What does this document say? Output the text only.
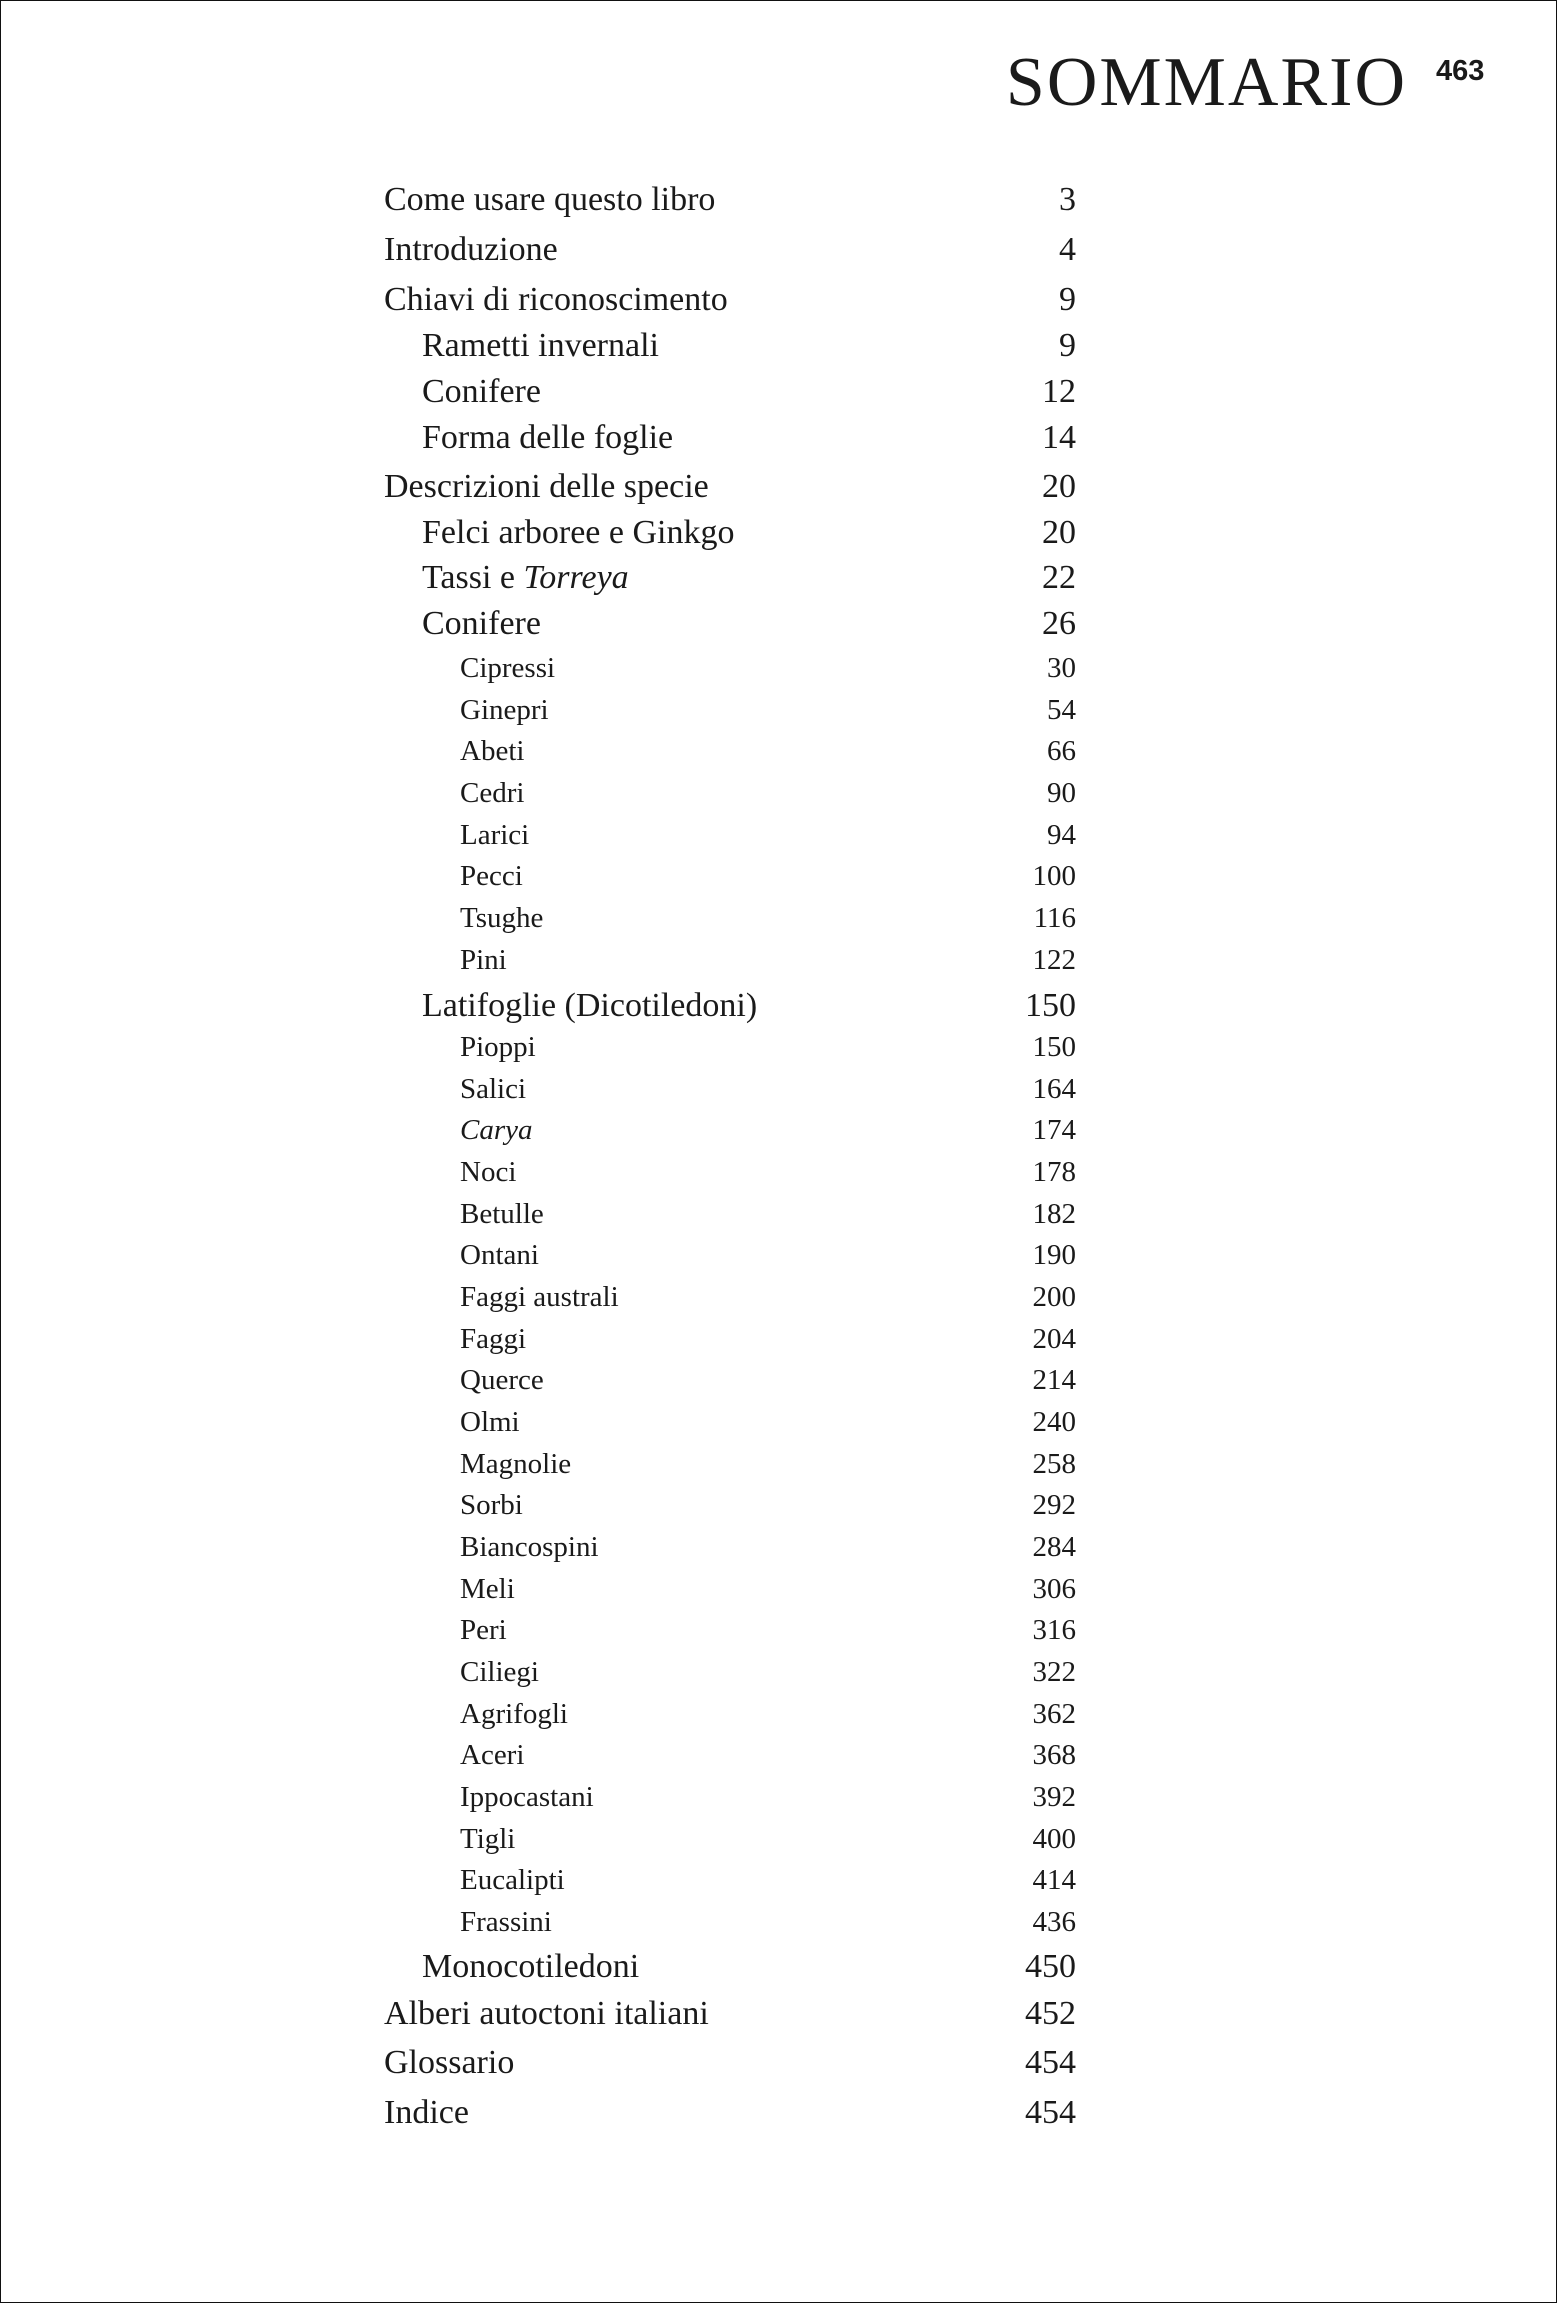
SOMMARIO 463
Come usare questo libro	3
Introduzione	4
Chiavi di riconoscimento	9
Rametti invernali	9
Conifere	12
Forma delle foglie	14
Descrizioni delle specie	20
Felci arboree e Ginkgo	20
Tassi e Torreya	22
Conifere	26
Cipressi	30
Ginepri	54
Abeti	66
Cedri	90
Larici	94
Pecci	100
Tsughe	116
Pini	122
Latifoglie (Dicotiledoni)	150
Pioppi	150
Salici	164
Carya	174
Noci	178
Betulle	182
Ontani	190
Faggi australi	200
Faggi	204
Querce	214
Olmi	240
Magnolie	258
Sorbi	292
Biancospini	284
Meli	306
Peri	316
Ciliegi	322
Agrifogli	362
Aceri	368
Ippocastani	392
Tigli	400
Eucalipti	414
Frassini	436
Monocotiledoni	450
Alberi autoctoni italiani	452
Glossario	454
Indice	454
